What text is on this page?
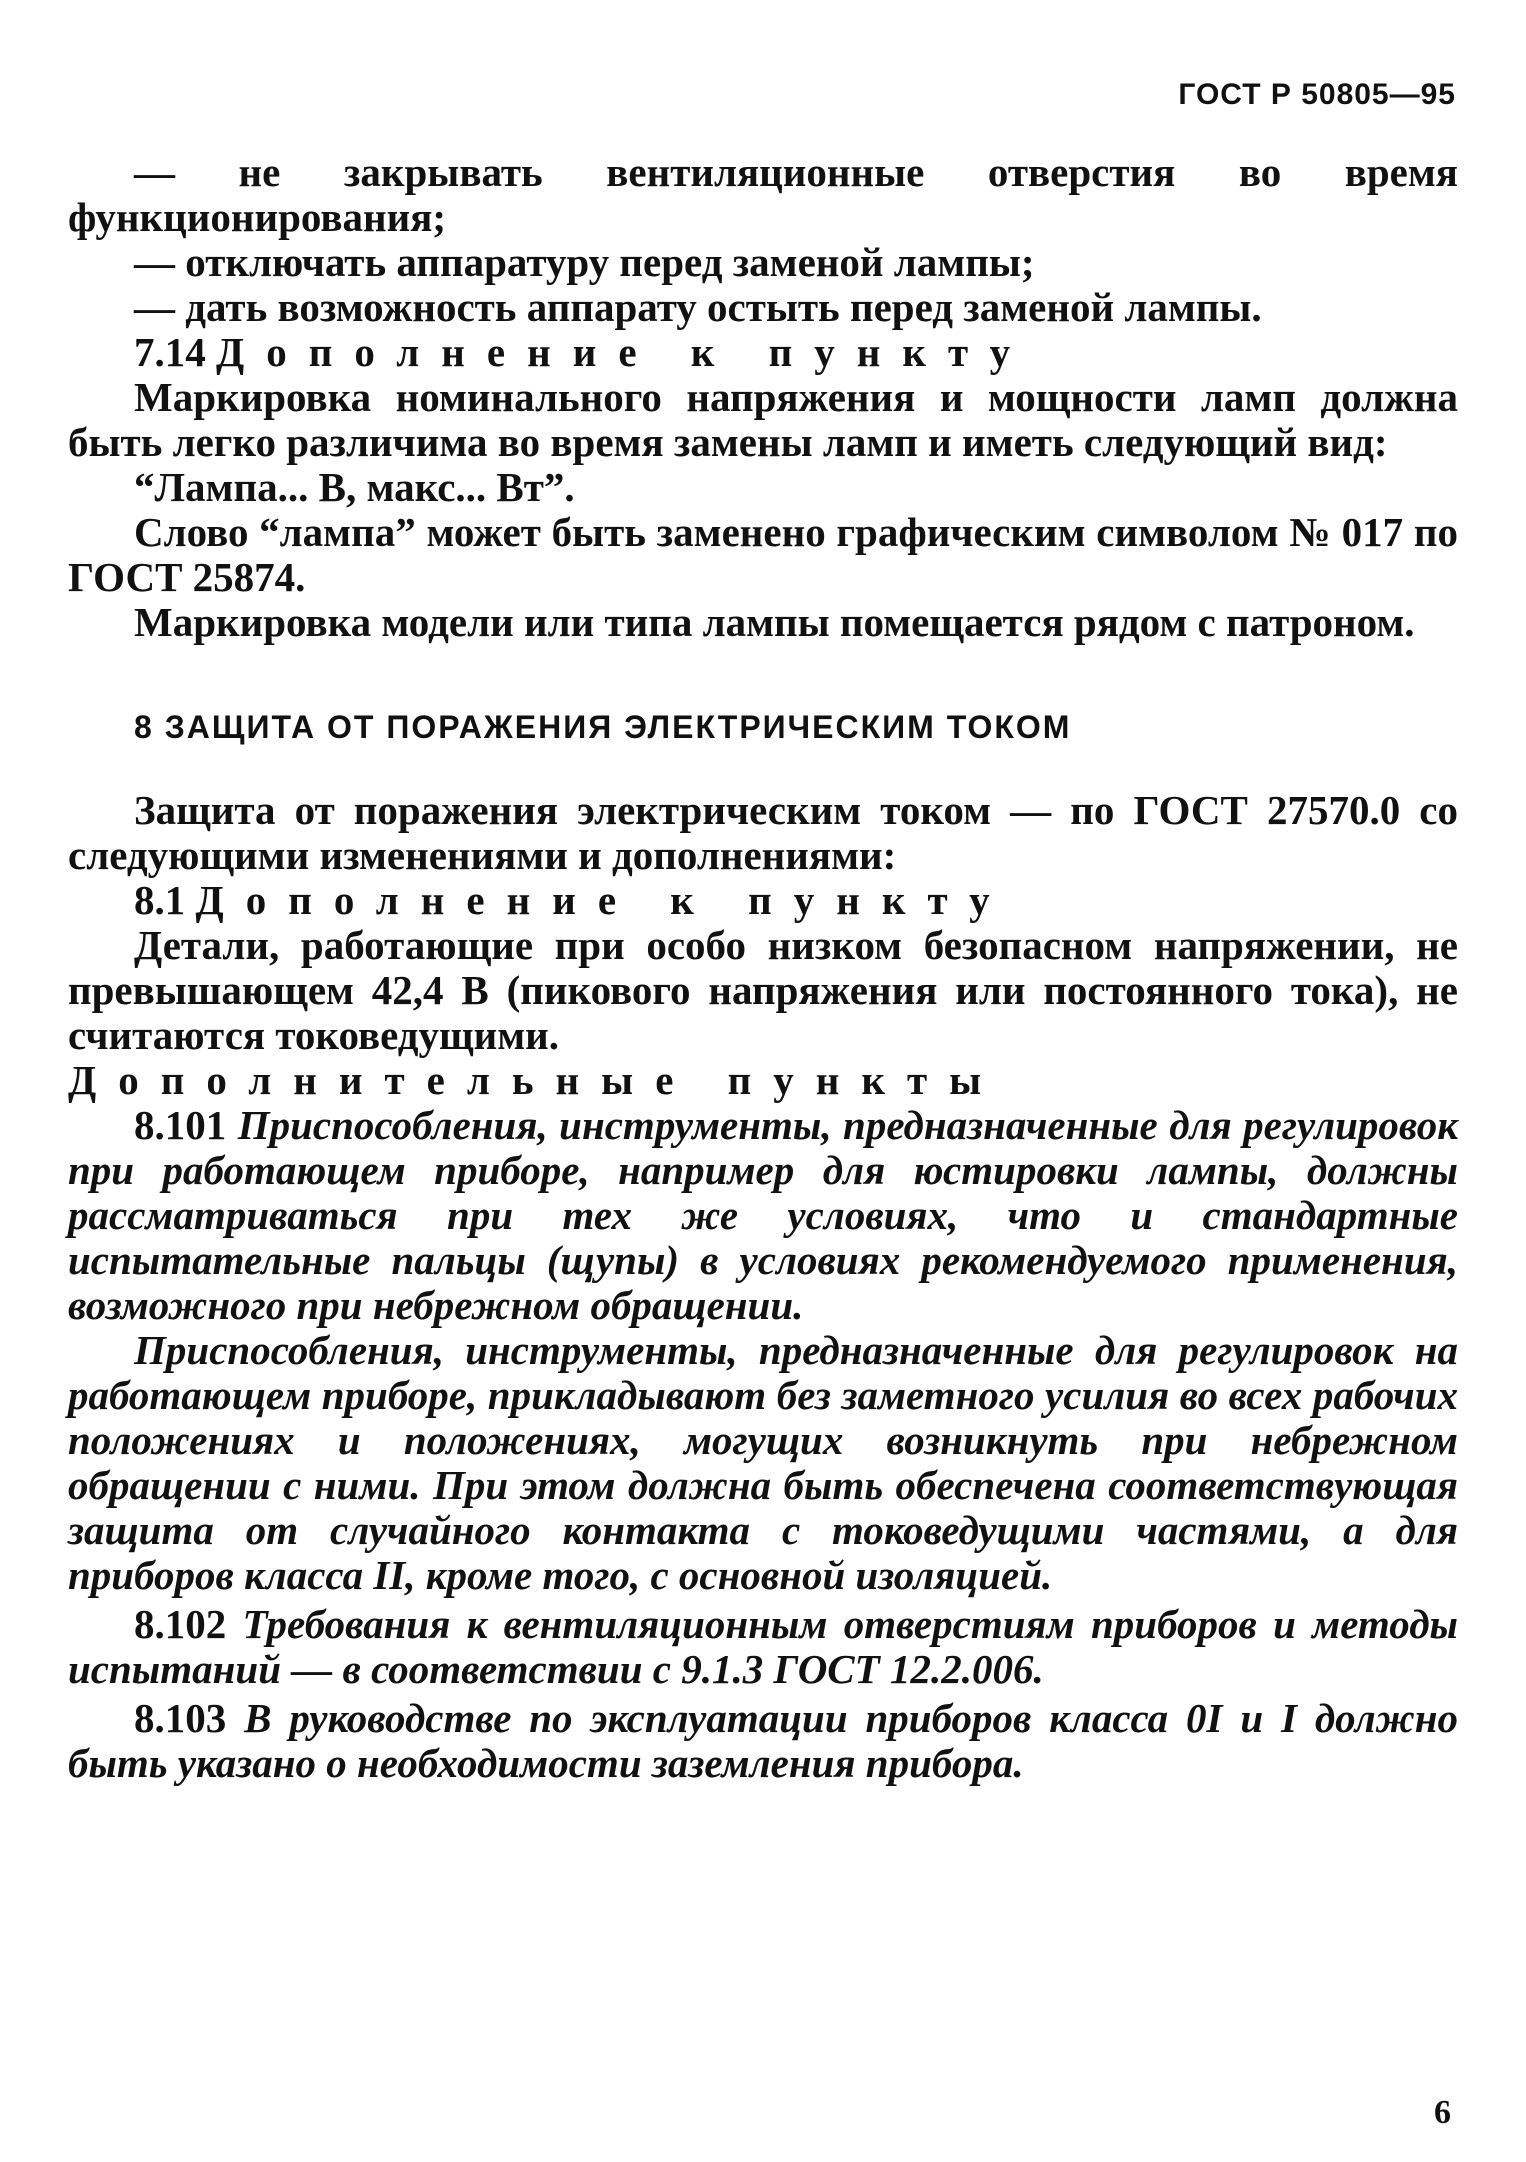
ГОСТ Р 50805—95

— не закрывать вентиляционные отверстия во время функционирования;

— отключать аппаратуру перед заменой лампы;

— дать возможность аппарату остыть перед заменой лампы.

7.14 Дополнение к пункту

Маркировка номинального напряжения и мощности ламп должна быть легко различима во время замены ламп и иметь следующий вид:

“Лампа... В, макс... Вт”.

Слово “лампа” может быть заменено графическим символом № 017 по ГОСТ 25874.

Маркировка модели или типа лампы помещается рядом с патроном.

8 ЗАЩИТА ОТ ПОРАЖЕНИЯ ЭЛЕКТРИЧЕСКИМ ТОКОМ

Защита от поражения электрическим током — по ГОСТ 27570.0 со следующими изменениями и дополнениями:

8.1 Дополнение к пункту

Детали, работающие при особо низком безопасном напряжении, не превышающем 42,4 В (пикового напряжения или постоянного тока), не считаются токоведущими.

Дополнительные пункты

8.101 Приспособления, инструменты, предназначенные для регулировок при работающем приборе, например для юстировки лампы, должны рассматриваться при тех же условиях, что и стандартные испытательные пальцы (щупы) в условиях рекомендуемого применения, возможного при небрежном обращении.

Приспособления, инструменты, предназначенные для регулировок на работающем приборе, прикладывают без заметного усилия во всех рабочих положениях и положениях, могущих возникнуть при небрежном обращении с ними. При этом должна быть обеспечена соответствующая защита от случайного контакта с токоведущими частями, а для приборов класса II, кроме того, с основной изоляцией.

8.102 Требования к вентиляционным отверстиям приборов и методы испытаний — в соответствии с 9.1.3 ГОСТ 12.2.006.

8.103 В руководстве по эксплуатации приборов класса 0I и I должно быть указано о необходимости заземления прибора.

6
